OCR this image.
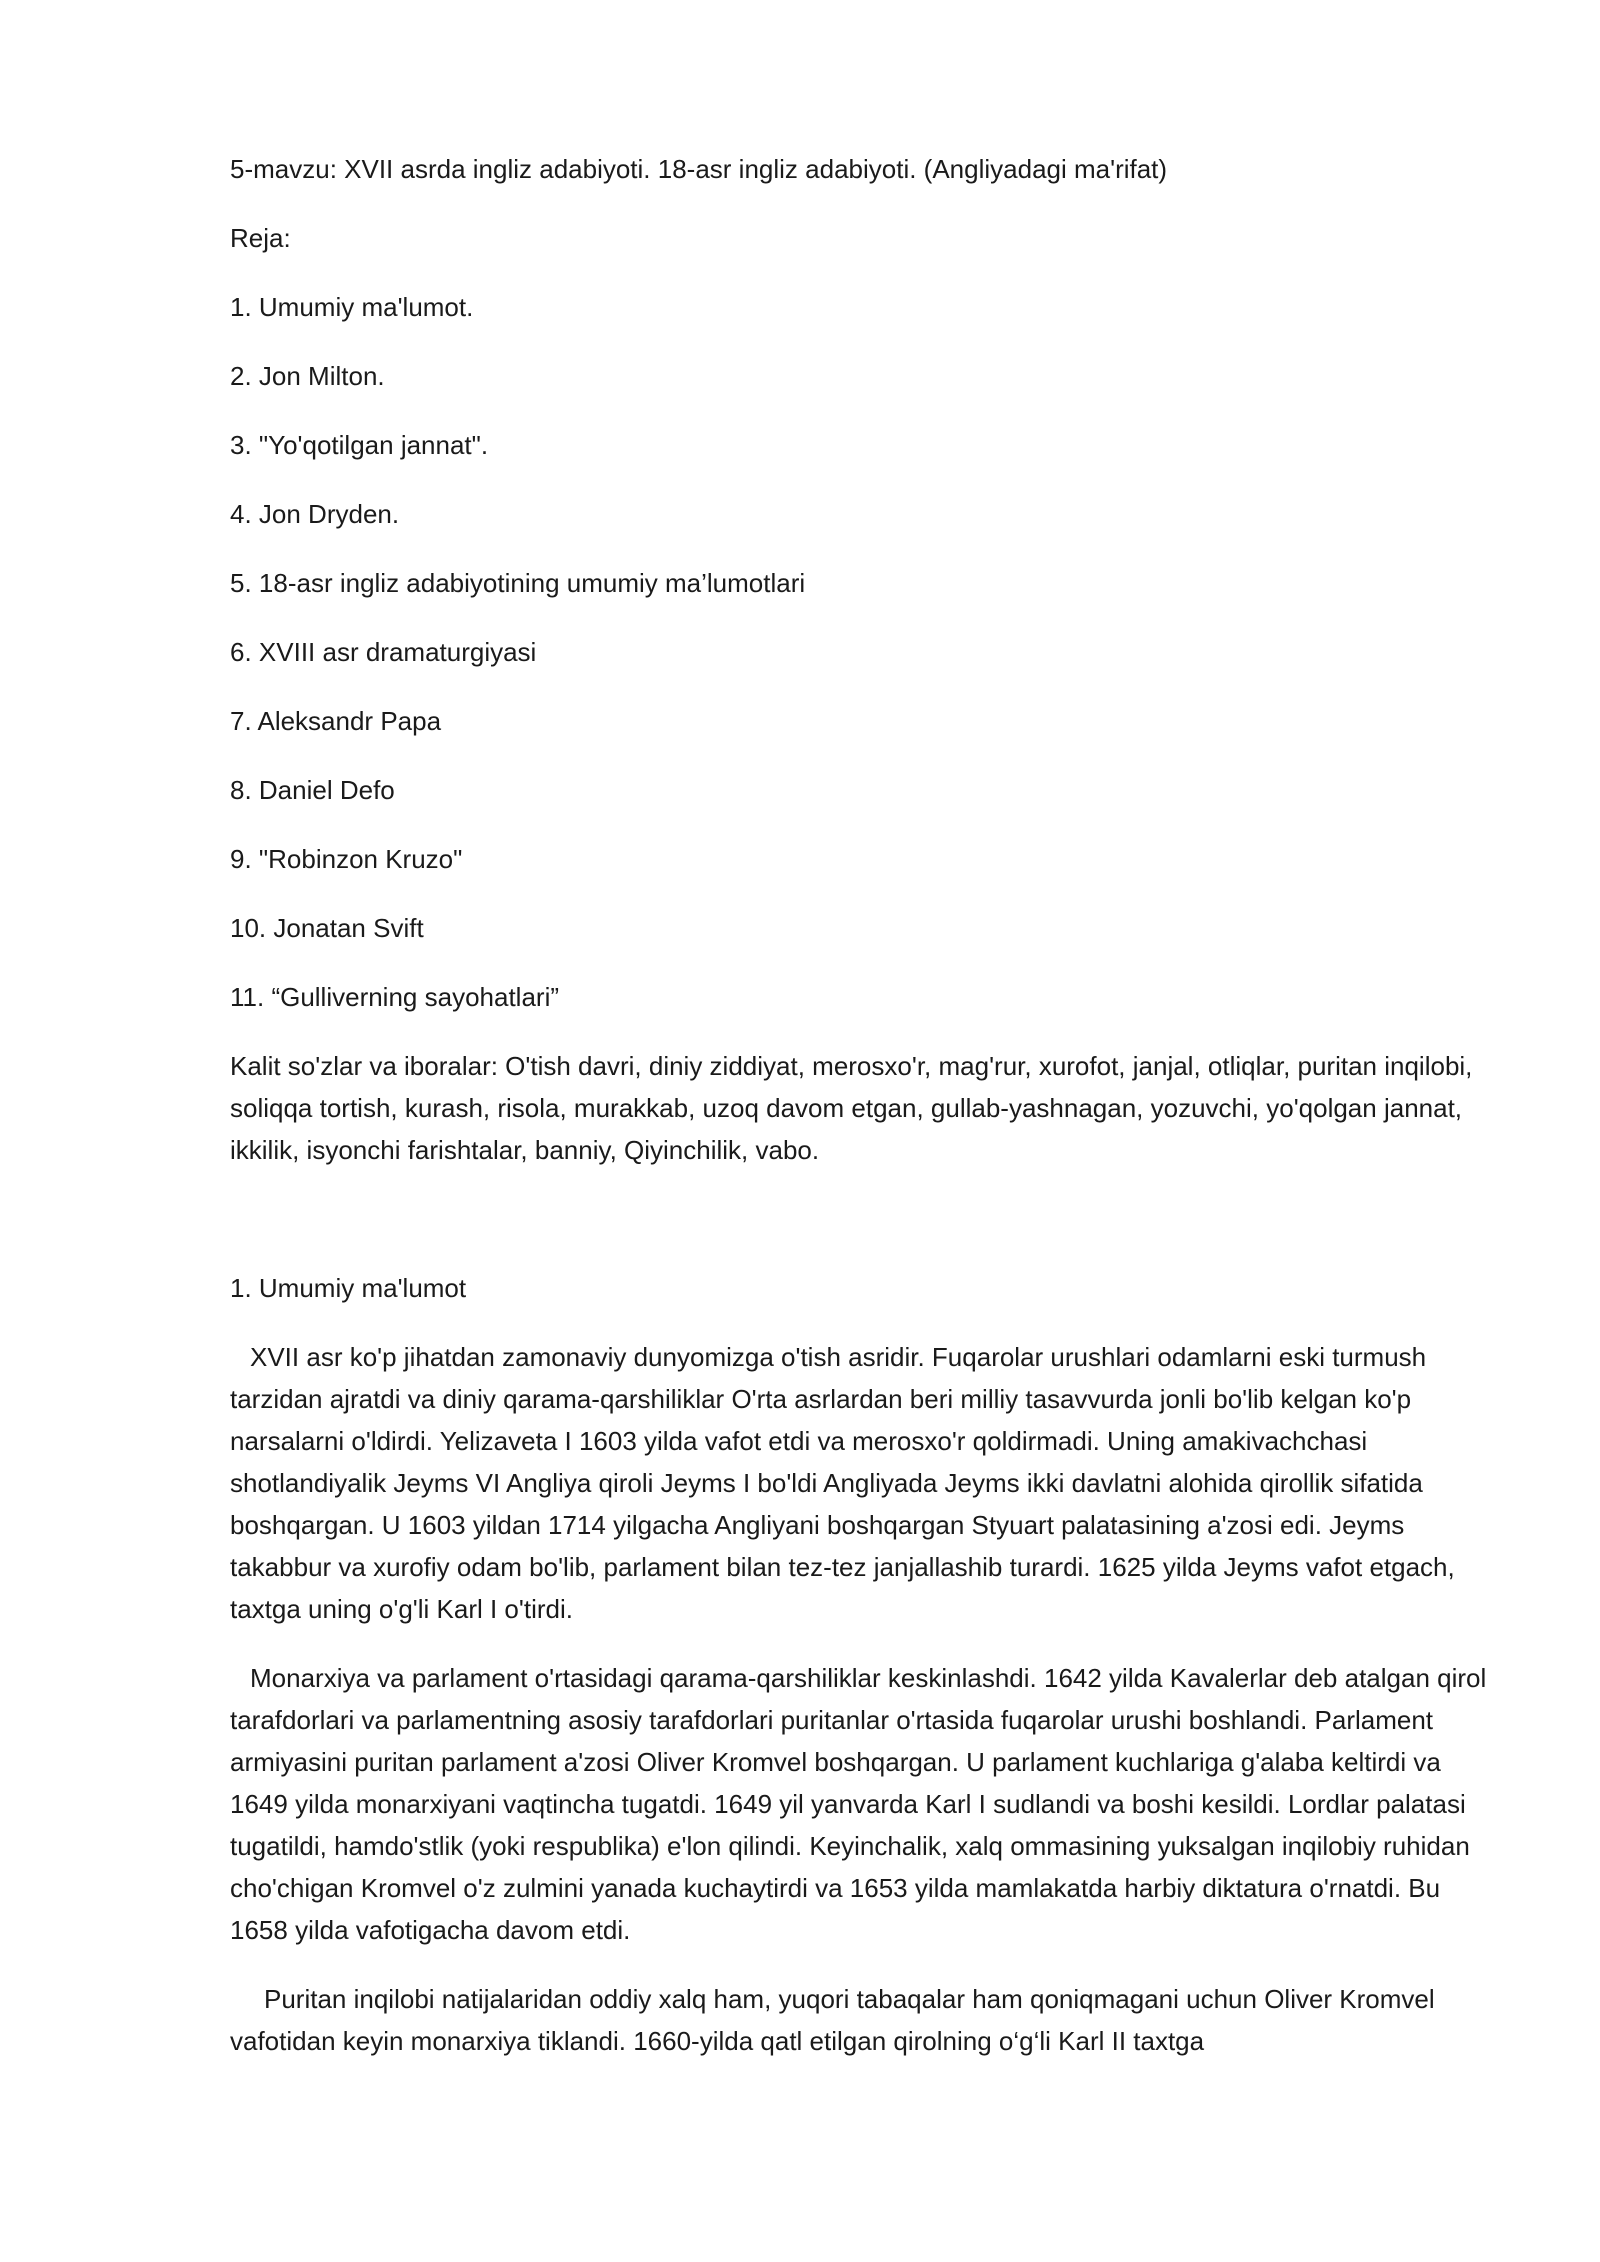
5-mavzu: XVII asrda ingliz adabiyoti. 18-asr ingliz adabiyoti. (Angliyadagi ma'rifat)

Reja:

1. Umumiy ma'lumot.

2. Jon Milton.

3. "Yo'qotilgan jannat".

4. Jon Dryden.

5. 18-asr ingliz adabiyotining umumiy ma’lumotlari

6. XVIII asr dramaturgiyasi

7. Aleksandr Papa

8. Daniel Defo

9. "Robinzon Kruzo"

10. Jonatan Svift

11. “Gulliverning sayohatlari”

Kalit so'zlar va iboralar: O'tish davri, diniy ziddiyat, merosxo'r, mag'rur, xurofot, janjal, otliqlar, puritan inqilobi, soliqqa tortish, kurash, risola, murakkab, uzoq davom etgan, gullab-yashnagan, yozuvchi, yo'qolgan jannat, ikkilik, isyonchi farishtalar, banniy, Qiyinchilik, vabo.

1. Umumiy ma'lumot

XVII asr ko'p jihatdan zamonaviy dunyomizga o'tish asridir. Fuqarolar urushlari odamlarni eski turmush tarzidan ajratdi va diniy qarama-qarshiliklar O'rta asrlardan beri milliy tasavvurda jonli bo'lib kelgan ko'p narsalarni o'ldirdi. Yelizaveta I 1603 yilda vafot etdi va merosxo'r qoldirmadi. Uning amakivachchasi shotlandiyalik Jeyms VI Angliya qiroli Jeyms I bo'ldi Angliyada Jeyms ikki davlatni alohida qirollik sifatida boshqargan. U 1603 yildan 1714 yilgacha Angliyani boshqargan Styuart palatasining a'zosi edi. Jeyms takabbur va xurofiy odam bo'lib, parlament bilan tez-tez janjallashib turardi. 1625 yilda Jeyms vafot etgach, taxtga uning o'g'li Karl I o'tirdi.

Monarxiya va parlament o'rtasidagi qarama-qarshiliklar keskinlashdi. 1642 yilda Kavalerlar deb atalgan qirol tarafdorlari va parlamentning asosiy tarafdorlari puritanlar o'rtasida fuqarolar urushi boshlandi. Parlament armiyasini puritan parlament a'zosi Oliver Kromvel boshqargan. U parlament kuchlariga g'alaba keltirdi va 1649 yilda monarxiyani vaqtincha tugatdi. 1649 yil yanvarda Karl I sudlandi va boshi kesildi. Lordlar palatasi tugatildi, hamdo'stlik (yoki respublika) e'lon qilindi. Keyinchalik, xalq ommasining yuksalgan inqilobiy ruhidan cho'chigan Kromvel o'z zulmini yanada kuchaytirdi va 1653 yilda mamlakatda harbiy diktatura o'rnatdi. Bu 1658 yilda vafotigacha davom etdi.

Puritan inqilobi natijalaridan oddiy xalq ham, yuqori tabaqalar ham qoniqmagani uchun Oliver Kromvel vafotidan keyin monarxiya tiklandi. 1660-yilda qatl etilgan qirolning o‘g‘li Karl II taxtga
